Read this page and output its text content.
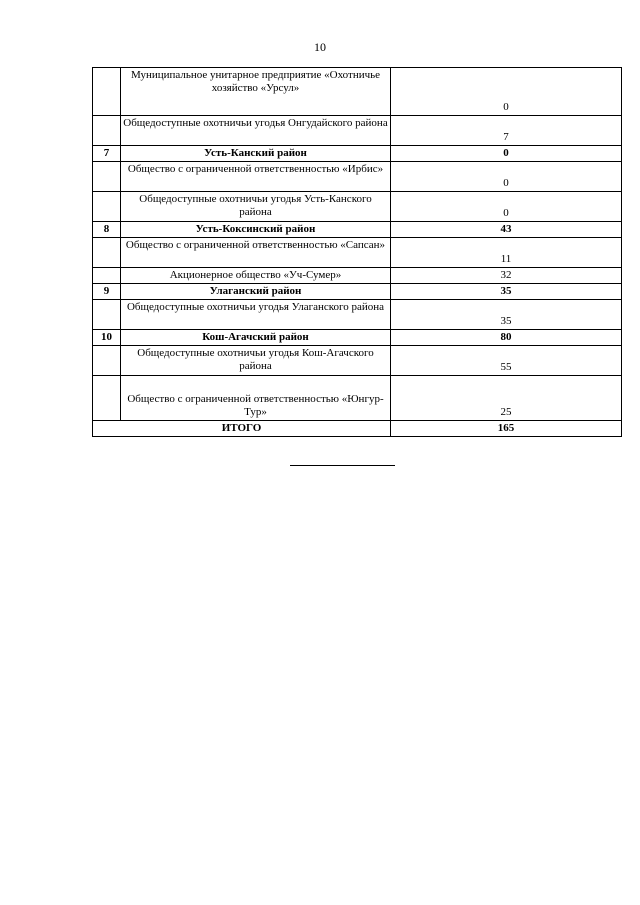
10
	Муниципальное унитарное предприятие «Охотничье хозяйство «Урсул»	0
	Общедоступные охотничьи угодья Онгудайского района	7
7	Усть-Канский район	0
	Общество с ограниченной ответственностью «Ирбис»	0
	Общедоступные охотничьи угодья Усть-Канского района	0
8	Усть-Коксинский район	43
	Общество с ограниченной ответственностью «Сапсан»	11
	Акционерное общество «Уч-Сумер»	32
9	Улаганский район	35
	Общедоступные охотничьи угодья Улаганского района	35
10	Кош-Агачский район	80
	Общедоступные охотничьи угодья Кош-Агачского района	55
	Общество с ограниченной ответственностью «Юнгур-Тур»	25
ИТОГО		165
